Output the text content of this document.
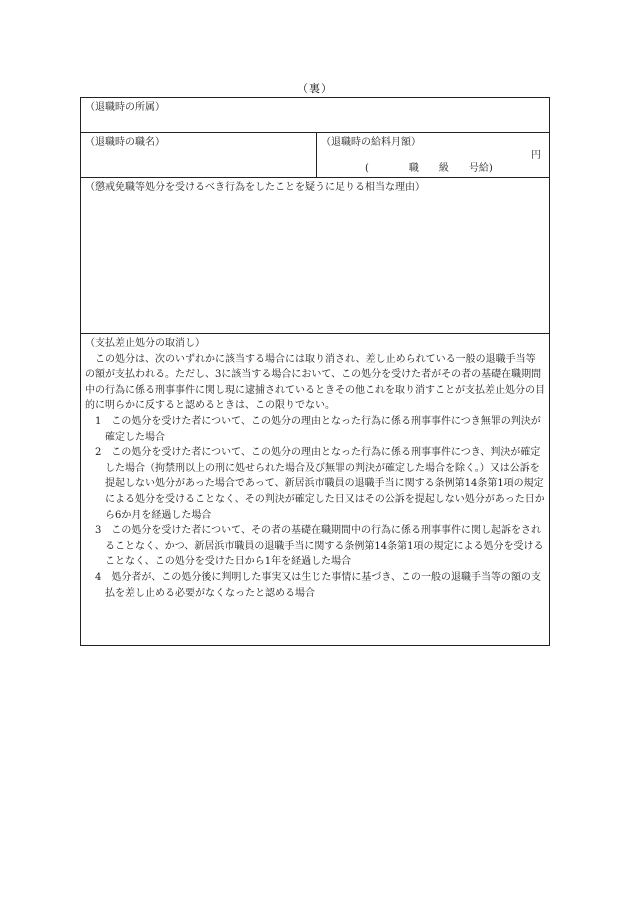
（裏）
（退職時の所属）
（退職時の職名）	（退職時の給料月額）
円
(　　　　職　　級　　号給)
（懲戒免職等処分を受けるべき行為をしたことを疑うに足りる相当な理由）

（支払差止処分の取消し）

この処分は、次のいずれかに該当する場合には取り消され、差し止められている一般の退職手当等の額が支払われる。ただし、3に該当する場合において、この処分を受けた者がその者の基礎在職期間中の行為に係る刑事事件に関し現に逮捕されているときその他これを取り消すことが支払差止処分の目的に明らかに反すると認めるときは、この限りでない。

1　この処分を受けた者について、この処分の理由となった行為に係る刑事事件につき無罪の判決が確定した場合

2　この処分を受けた者について、この処分の理由となった行為に係る刑事事件につき、判決が確定した場合（拘禁刑以上の刑に処せられた場合及び無罪の判決が確定した場合を除く。）又は公訴を提起しない処分があった場合であって、新居浜市職員の退職手当に関する条例第14条第1項の規定による処分を受けることなく、その判決が確定した日又はその公訴を提起しない処分があった日から6か月を経過した場合

3　この処分を受けた者について、その者の基礎在職期間中の行為に係る刑事事件に関し起訴をされることなく、かつ、新居浜市職員の退職手当に関する条例第14条第1項の規定による処分を受けることなく、この処分を受けた日から1年を経過した場合

4　処分者が、この処分後に判明した事実又は生じた事情に基づき、この一般の退職手当等の額の支払を差し止める必要がなくなったと認める場合
